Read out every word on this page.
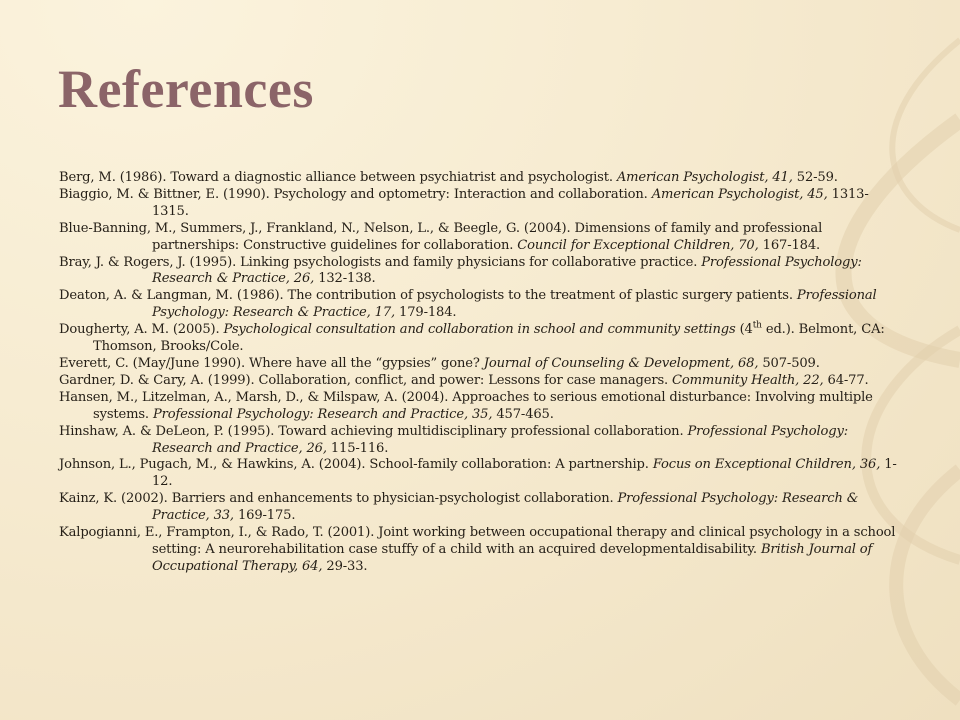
References

Berg, M. (1986). Toward a diagnostic alliance between psychiatrist and psychologist. American Psychologist, 41, 52-59.

Biaggio, M. & Bittner, E. (1990). Psychology and optometry: Interaction and collaboration. American Psychologist, 45, 1313-1315.

Blue-Banning, M., Summers, J., Frankland, N., Nelson, L., & Beegle, G. (2004). Dimensions of family and professional partnerships: Constructive guidelines for collaboration. Council for Exceptional Children, 70, 167-184.

Bray, J. & Rogers, J. (1995). Linking psychologists and family physicians for collaborative practice. Professional Psychology: Research & Practice, 26, 132-138.

Deaton, A. & Langman, M. (1986). The contribution of psychologists to the treatment of plastic surgery patients. Professional Psychology: Research & Practice, 17, 179-184.

Dougherty, A. M. (2005). Psychological consultation and collaboration in school and community settings (4th ed.). Belmont, CA: Thomson, Brooks/Cole.

Everett, C. (May/June 1990). Where have all the “gypsies” gone? Journal of Counseling & Development, 68, 507-509.

Gardner, D. & Cary, A. (1999). Collaboration, conflict, and power: Lessons for case managers. Community Health, 22, 64-77.

Hansen, M., Litzelman, A., Marsh, D., & Milspaw, A. (2004). Approaches to serious emotional disturbance: Involving multiple systems. Professional Psychology: Research and Practice, 35, 457-465.

Hinshaw, A. & DeLeon, P. (1995). Toward achieving multidisciplinary professional collaboration. Professional Psychology: Research and Practice, 26, 115-116.

Johnson, L., Pugach, M., & Hawkins, A. (2004). School-family collaboration: A partnership. Focus on Exceptional Children, 36, 1-12.

Kainz, K. (2002). Barriers and enhancements to physician-psychologist collaboration. Professional Psychology: Research & Practice, 33, 169-175.

Kalpogianni, E., Frampton, I., & Rado, T. (2001). Joint working between occupational therapy and clinical psychology in a school setting: A neurorehabilitation case stuffy of a child with an acquired developmentaldisability. British Journal of Occupational Therapy, 64, 29-33.
